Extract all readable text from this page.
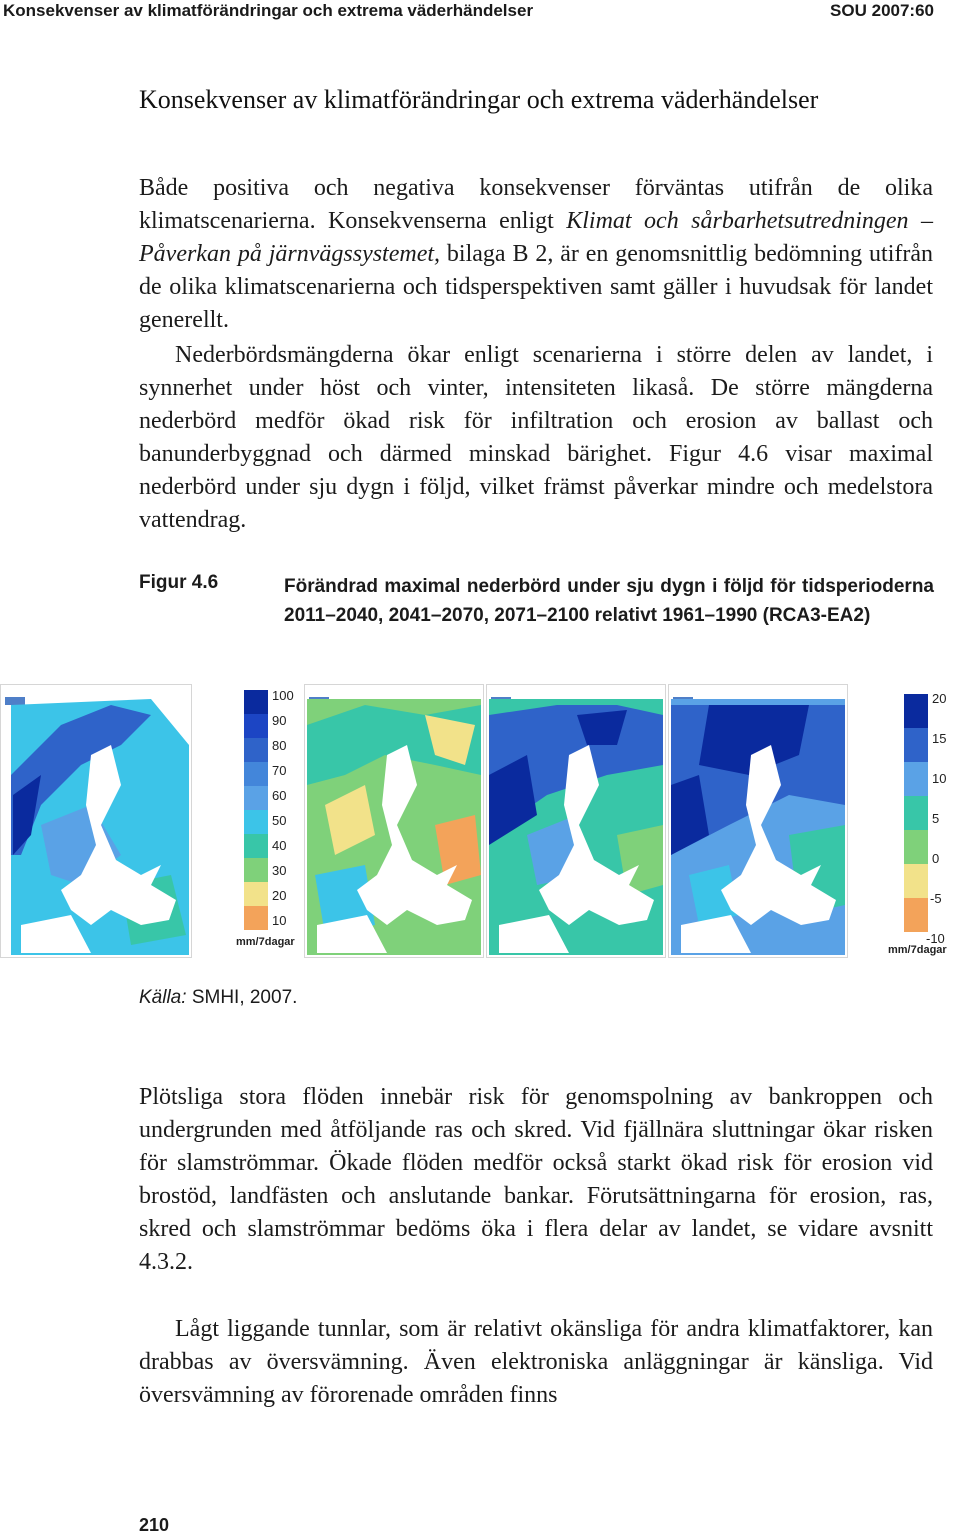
Konsekvenser av klimatförändringar och extrema väderhändelser	SOU 2007:60
Konsekvenser av klimatförändringar och extrema väderhändelser

Både positiva och negativa konsekvenser förväntas utifrån de olika klimatscenarierna. Konsekvenserna enligt Klimat och sårbarhetsutredningen – Påverkan på järnvägssystemet, bilaga B 2, är en genomsnittlig bedömning utifrån de olika klimatscenarierna och tidsperspektiven samt gäller i huvudsak för landet generellt.

Nederbördsmängderna ökar enligt scenarierna i större delen av landet, i synnerhet under höst och vinter, intensiteten likaså. De större mängderna nederbörd medför ökad risk för infiltration och erosion av ballast och banunderbyggnad och därmed minskad bärighet. Figur 4.6 visar maximal nederbörd under sju dygn i följd, vilket främst påverkar mindre och medelstora vattendrag.

Figur 4.6	Förändrad maximal nederbörd under sju dygn i följd för tidsperioderna 2011–2040, 2041–2070, 2071–2100 relativt 1961–1990 (RCA3-EA2)
100
90
80
70
60
50
40
30
20
10
mm/7dagar
20
15
10
5
0
-5
-10
mm/7dagar
Källa: SMHI, 2007.

Plötsliga stora flöden innebär risk för genomspolning av bankroppen och undergrunden med åtföljande ras och skred. Vid fjällnära sluttningar ökar risken för slamströmmar. Ökade flöden medför också starkt ökad risk för erosion vid brostöd, landfästen och anslutande bankar. Förutsättningarna för erosion, ras, skred och slamströmmar bedöms öka i flera delar av landet, se vidare avsnitt 4.3.2.

Lågt liggande tunnlar, som är relativt okänsliga för andra klimatfaktorer, kan drabbas av översvämning. Även elektroniska anläggningar är känsliga. Vid översvämning av förorenade områden finns

210
